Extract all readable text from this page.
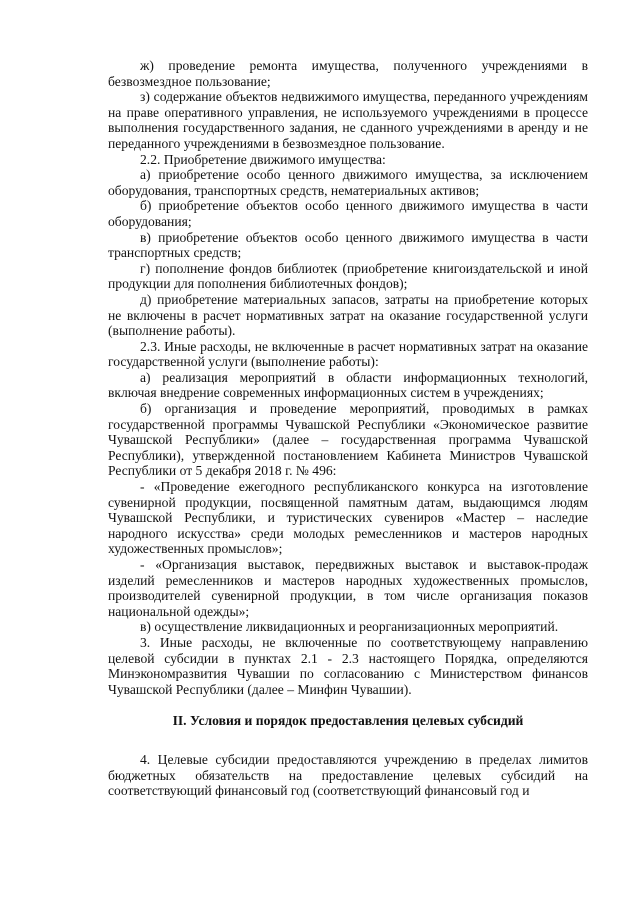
ж) проведение ремонта имущества, полученного учреждениями в безвозмездное пользование;

з) содержание объектов недвижимого имущества, переданного учреждениям на праве оперативного управления, не используемого учреждениями в процессе выполнения государственного задания, не сданного учреждениями в аренду и не переданного учреждениями в безвозмездное пользование.

2.2. Приобретение движимого имущества:

а) приобретение особо ценного движимого имущества, за исключением оборудования, транспортных средств, нематериальных активов;

б) приобретение объектов особо ценного движимого имущества в части оборудования;

в) приобретение объектов особо ценного движимого имущества в части транспортных средств;

г) пополнение фондов библиотек (приобретение книгоиздательской и иной продукции для пополнения библиотечных фондов);

д) приобретение материальных запасов, затраты на приобретение которых не включены в расчет нормативных затрат на оказание государственной услуги (выполнение работы).

2.3. Иные расходы, не включенные в расчет нормативных затрат на оказание государственной услуги (выполнение работы):

а) реализация мероприятий в области информационных технологий, включая внедрение современных информационных систем в учреждениях;

б) организация и проведение мероприятий, проводимых в рамках государственной программы Чувашской Республики «Экономическое развитие Чувашской Республики» (далее – государственная программа Чувашской Республики), утвержденной постановлением Кабинета Министров Чувашской Республики от 5 декабря 2018 г. № 496:

- «Проведение ежегодного республиканского конкурса на изготовление сувенирной продукции, посвященной памятным датам, выдающимся людям Чувашской Республики, и туристических сувениров «Мастер – наследие народного искусства» среди молодых ремесленников и мастеров народных художественных промыслов»;

- «Организация выставок, передвижных выставок и выставок-продаж изделий ремесленников и мастеров народных художественных промыслов, производителей сувенирной продукции, в том числе организация показов национальной одежды»;

в) осуществление ликвидационных и реорганизационных мероприятий.

3. Иные расходы, не включенные по соответствующему направлению целевой субсидии в пунктах 2.1 - 2.3 настоящего Порядка, определяются Минэкономразвития Чувашии по согласованию с Министерством финансов Чувашской Республики (далее – Минфин Чувашии).

II. Условия и порядок предоставления целевых субсидий

4. Целевые субсидии предоставляются учреждению в пределах лимитов бюджетных обязательств на предоставление целевых субсидий на соответствующий финансовый год (соответствующий финансовый год и
